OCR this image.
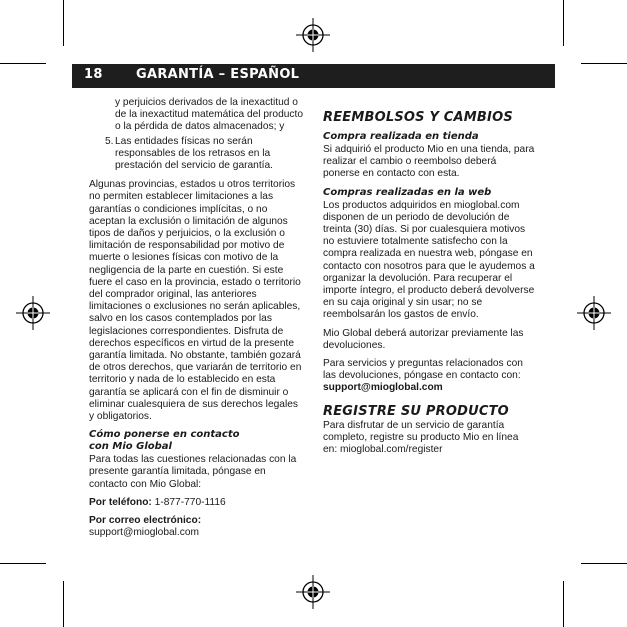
18	GARANTÍA – ESPAÑOL

y perjuicios derivados de la inexactitud o de la inexactitud matemática del producto o la pérdida de datos almacenados; y

5. Las entidades físicas no serán responsables de los retrasos en la prestación del servicio de garantía.

Algunas provincias, estados u otros territorios no permiten establecer limitaciones a las garantías o condiciones implícitas, o no aceptan la exclusión o limitación de algunos tipos de daños y perjuicios, o la exclusión o limitación de responsabilidad por motivo de muerte o lesiones físicas con motivo de la negligencia de la parte en cuestión. Si este fuere el caso en la provincia, estado o territorio del comprador original, las anteriores limitaciones o exclusiones no serán aplicables, salvo en los casos contemplados por las legislaciones correspondientes. Disfruta de derechos específicos en virtud de la presente garantía limitada. No obstante, también gozará de otros derechos, que variarán de territorio en territorio y nada de lo establecido en esta garantía se aplicará con el fin de disminuir o eliminar cualesquiera de sus derechos legales y obligatorios.

Cómo ponerse en contacto con Mio Global

Para todas las cuestiones relacionadas con la presente garantía limitada, póngase en contacto con Mio Global:

Por teléfono: 1-877-770-1116

Por correo electrónico: support@mioglobal.com

REEMBOLSOS Y CAMBIOS

Compra realizada en tienda

Si adquirió el producto Mio en una tienda, para realizar el cambio o reembolso deberá ponerse en contacto con esta.

Compras realizadas en la web

Los productos adquiridos en mioglobal.com disponen de un periodo de devolución de treinta (30) días. Si por cualesquiera motivos no estuviere totalmente satisfecho con la compra realizada en nuestra web, póngase en contacto con nosotros para que le ayudemos a organizar la devolución. Para recuperar el importe íntegro, el producto deberá devolverse en su caja original y sin usar; no se reembolsarán los gastos de envío.

Mio Global deberá autorizar previamente las devoluciones.

Para servicios y preguntas relacionados con las devoluciones, póngase en contacto con:

support@mioglobal.com

REGISTRE SU PRODUCTO

Para disfrutar de un servicio de garantía completo, registre su producto Mio en línea en: mioglobal.com/register
